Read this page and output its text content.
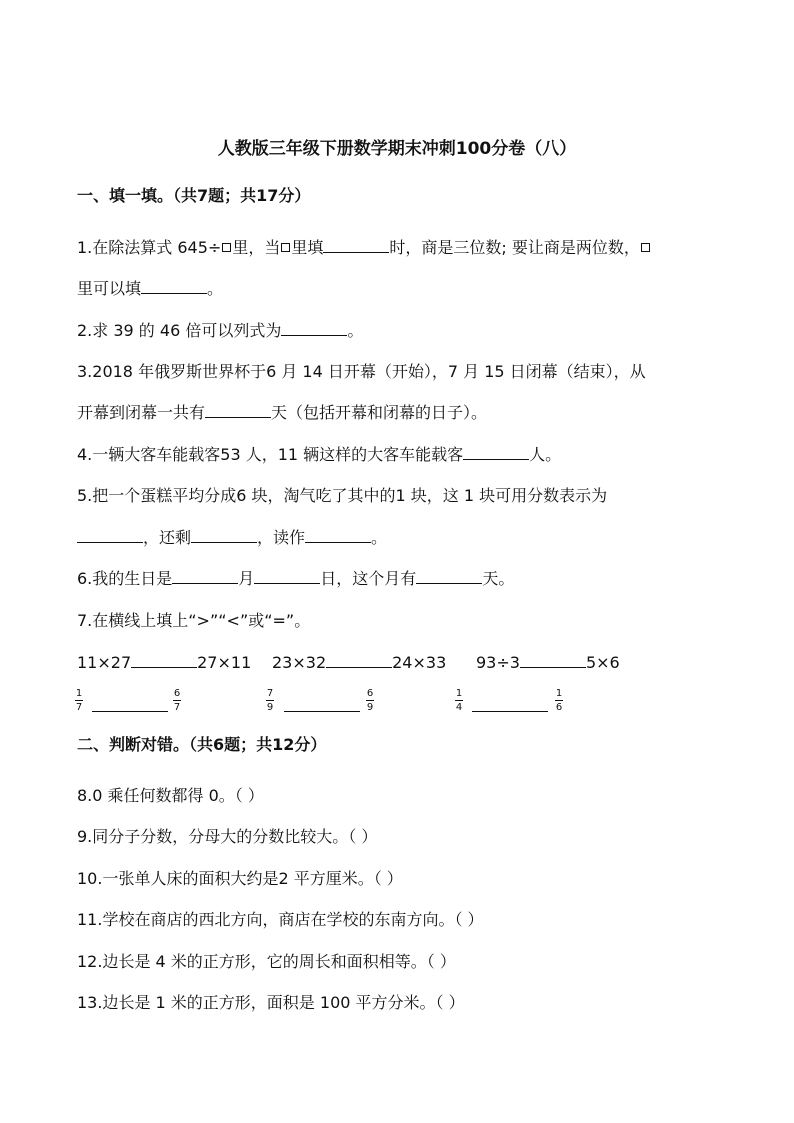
人教版三年级下册数学期末冲刺100分卷（八）
一、填一填。（共7题；共17分）
1.在除法算式 645÷ 里，当 里填	时，商是三位数; 要让商是两位数，
里可以填	。
2.求 39 的 46 倍可以列式为	。
3.2018 年俄罗斯世界杯于6 月 14 日开幕（开始），7 月 15 日闭幕（结束），从
开幕到闭幕一共有	天（包括开幕和闭幕的日子）。
4.一辆大客车能载客53 人，11 辆这样的大客车能载客	人。
5.把一个蛋糕平均分成6 块，淘气吃了其中的1 块，这 1 块可用分数表示为
，还剩	，读作	。
6.我的生日是	月	日，这个月有	天。
7.在横线上填上“>”“<”或“=”。
11×27	27×11 23×32	24×33 93÷3	5×6
1
7
6
7
7
9
6
9
1
4
1
6
二、判断对错。（共6题；共12分）
8.0 乘任何数都得 0。（ ）
9.同分子分数，分母大的分数比较大。（ ）
10.一张单人床的面积大约是2 平方厘米。（ ）
11.学校在商店的西北方向，商店在学校的东南方向。（ ）
12.边长是 4 米的正方形，它的周长和面积相等。（ ）
13.边长是 1 米的正方形，面积是 100 平方分米。（ ）
